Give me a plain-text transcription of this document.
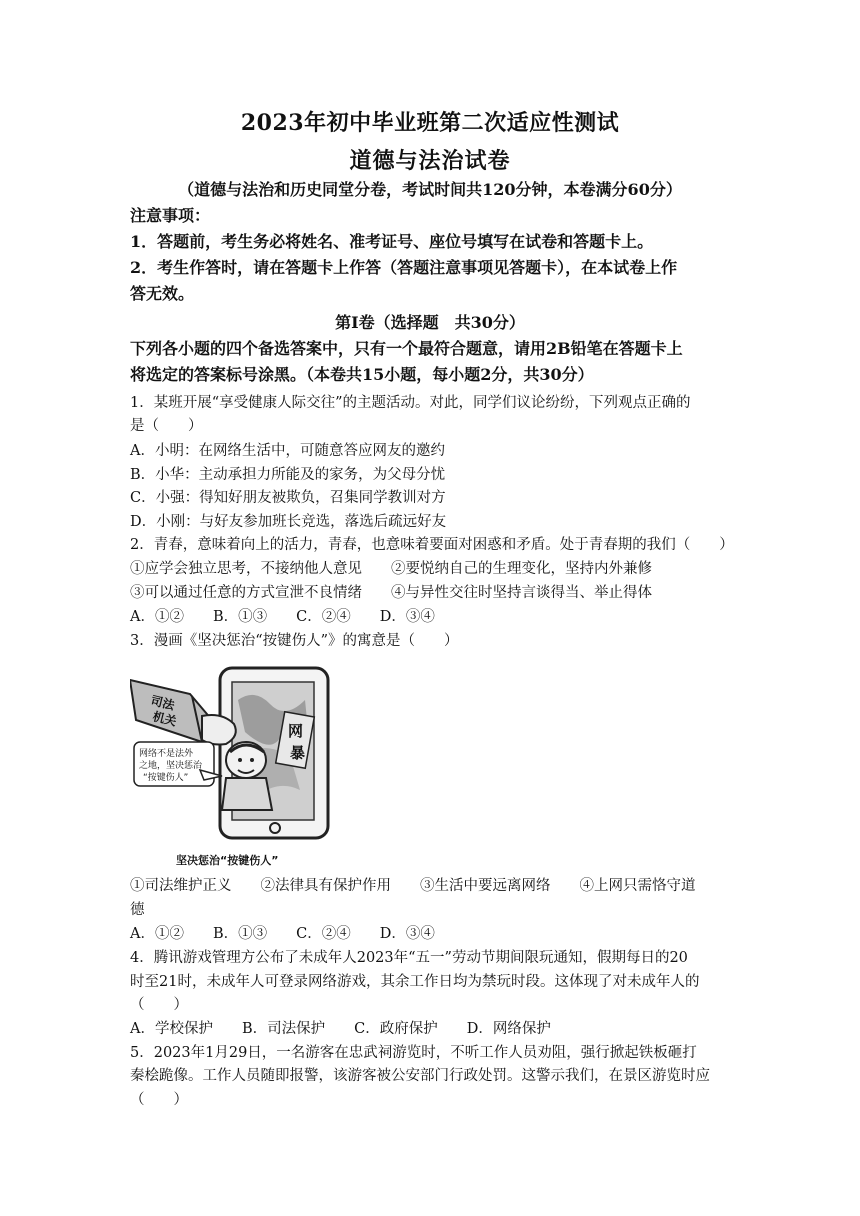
2023年初中毕业班第二次适应性测试
道德与法治试卷
（道德与法治和历史同堂分卷，考试时间共120分钟，本卷满分60分）
注意事项：
1．答题前，考生务必将姓名、准考证号、座位号填写在试卷和答题卡上。
2．考生作答时，请在答题卡上作答（答题注意事项见答题卡），在本试卷上作
答无效。
第Ⅰ卷（选择题　共30分）
下列各小题的四个备选答案中，只有一个最符合题意，请用2B铅笔在答题卡上
将选定的答案标号涂黑。（本卷共15小题，每小题2分，共30分）
1．某班开展“享受健康人际交往”的主题活动。对此，同学们议论纷纷，下列观点正确的
是（　　）
A．小明：在网络生活中，可随意答应网友的邀约
B．小华：主动承担力所能及的家务，为父母分忧
C．小强：得知好朋友被欺负，召集同学教训对方
D．小刚：与好友参加班长竞选，落选后疏远好友
2．青春，意味着向上的活力，青春，也意味着要面对困惑和矛盾。处于青春期的我们（　　）
①应学会独立思考，不接纳他人意见　　②要悦纳自己的生理变化，坚持内外兼修
③可以通过任意的方式宣泄不良情绪　　④与异性交往时坚持言谈得当、举止得体
A．①②　　B．①③　　C．②④　　D．③④
3．漫画《坚决惩治“按键伤人”》的寓意是（　　）
网
暴
司法
机关
网络不是法外
之地，坚决惩治
“按键伤人”
坚决惩治“按键伤人”
①司法维护正义　　②法律具有保护作用　　③生活中要远离网络　　④上网只需恪守道
德
A．①②　　B．①③　　C．②④　　D．③④
4．腾讯游戏管理方公布了未成年人2023年“五一”劳动节期间限玩通知，假期每日的20
时至21时，未成年人可登录网络游戏，其余工作日均为禁玩时段。这体现了对未成年人的
（　　）
A．学校保护　　B．司法保护　　C．政府保护　　D．网络保护
5．2023年1月29日，一名游客在忠武祠游览时，不听工作人员劝阻，强行掀起铁板砸打
秦桧跪像。工作人员随即报警，该游客被公安部门行政处罚。这警示我们，在景区游览时应
（　　）
